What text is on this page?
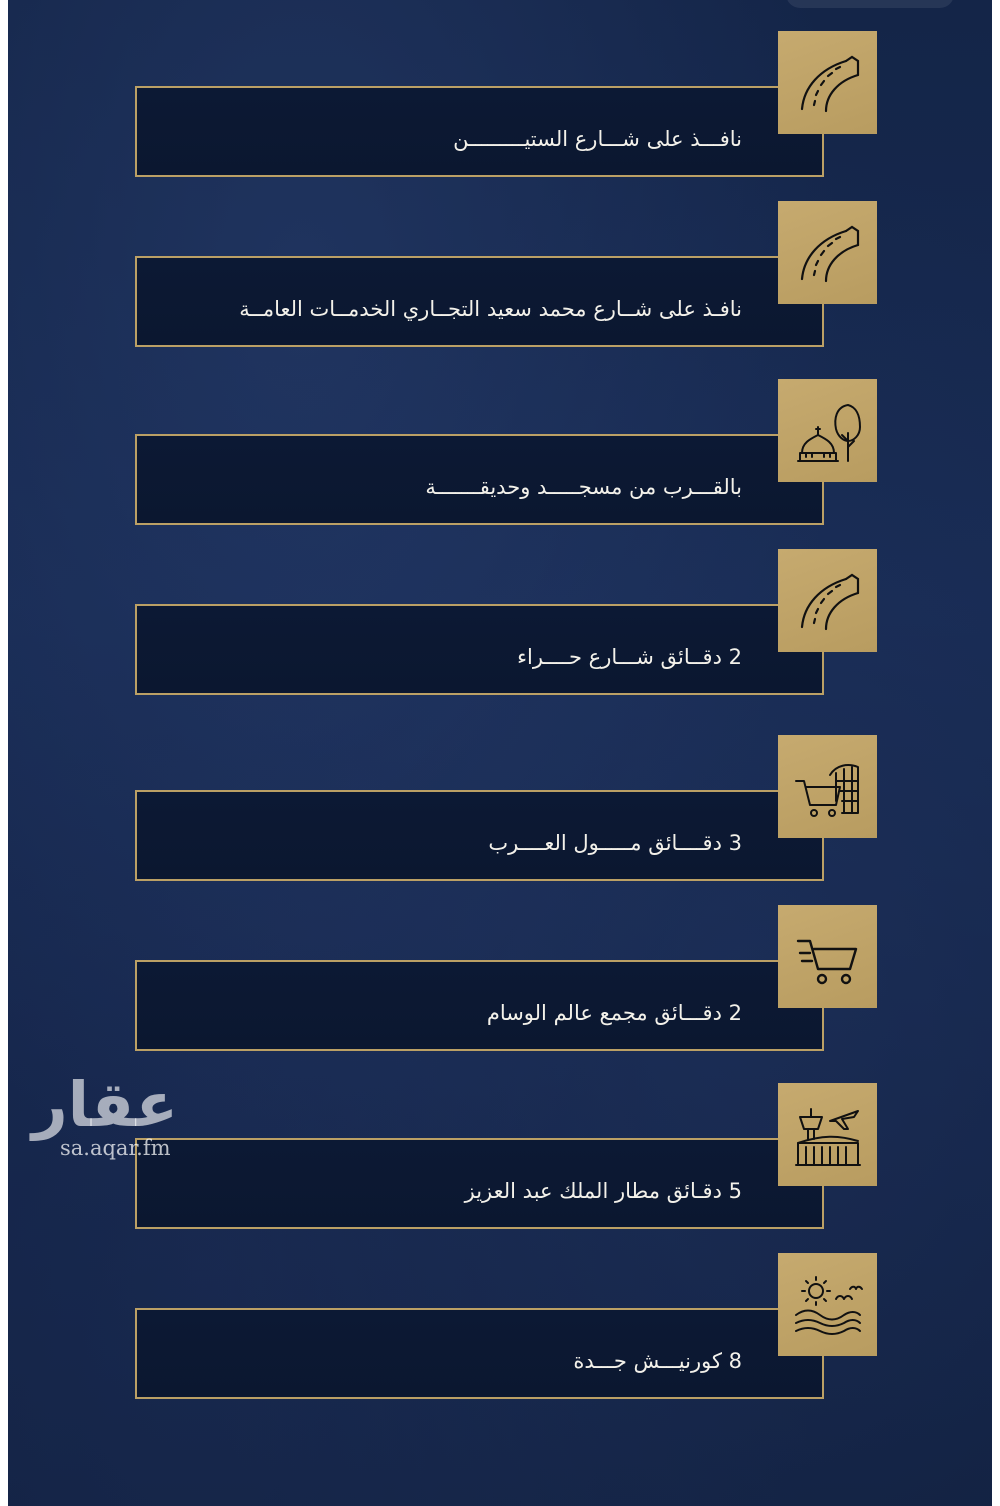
نافـــذ على شـــارع الستيـــــــــن
نافـذ على شــارع محمد سعيد التجــاري الخدمــات العامــة
بالقـــرب من مسجـــــد وحديقـــــــة
2 دقــائق شـــارع حــــراء
3 دقــــائق مـــــول العــــرب
2 دقـــائق مجمع عالم الوسام
5 دقـائق مطار الملك عبد العزيز
8 كورنيـــش جـــدة
عقار
sa.aqar.fm
